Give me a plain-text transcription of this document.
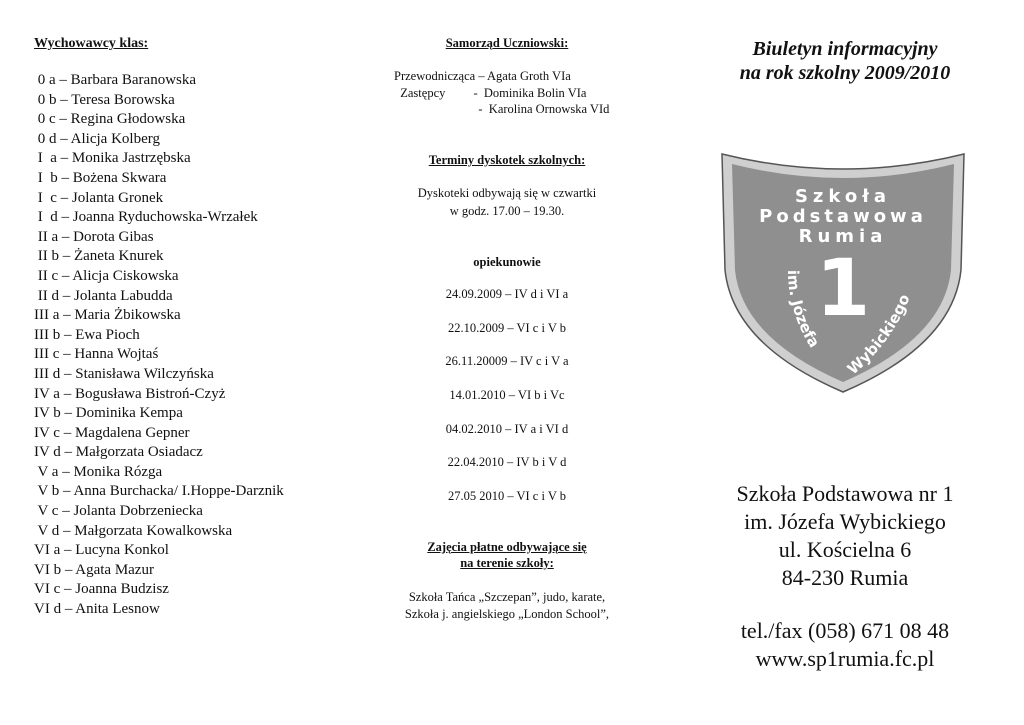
Wychowawcy klas:
0 a – Barbara Baranowska
0 b – Teresa Borowska
0 c – Regina Głodowska
0 d – Alicja Kolberg
I  a – Monika Jastrzębska
I  b – Bożena Skwara
I  c – Jolanta Gronek
I  d – Joanna Ryduchowska-Wrzałek
II a – Dorota Gibas
II b – Żaneta Knurek
II c – Alicja Ciskowska
II d – Jolanta Labudda
III a – Maria Żbikowska
III b – Ewa Pioch
III c – Hanna Wojtaś
III d – Stanisława Wilczyńska
IV a – Bogusława Bistroń-Czyż
IV b – Dominika Kempa
IV c – Magdalena Gepner
IV d – Małgorzata Osiadacz
V a – Monika Rózga
V b – Anna Burchacka/ I.Hoppe-Darznik
V c – Jolanta Dobrzeniecka
V d – Małgorzata Kowalkowska
VI a – Lucyna Konkol
VI b – Agata Mazur
VI c – Joanna Budzisz
VI d – Anita Lesnow
Samorząd Uczniowski:
Przewodnicząca – Agata Groth VIa
Zastępcy         -  Dominika Bolin VIa
-  Karolina Ornowska VId
Terminy dyskotek szkolnych:
Dyskoteki odbywają się w czwartki
w godz. 17.00 – 19.30.
opiekunowie
24.09.2009 – IV d i VI a
22.10.2009 – VI c i V b
26.11.20009 – IV c i V a
14.01.2010 – VI b i Vc
04.02.2010 – IV a i VI d
22.04.2010 – IV b i V d
27.05 2010 – VI c i V b
Zajęcia płatne odbywające się
na terenie szkoły:
Szkoła Tańca „Szczepan”, judo, karate,
Szkoła j. angielskiego „London School”,
Biuletyn informacyjny
na rok szkolny 2009/2010
Szkoła
Podstawowa
Rumia
1
im. Józefa
Wybickiego
Szkoła Podstawowa nr 1
im. Józefa Wybickiego
ul. Kościelna 6
84-230 Rumia
tel./fax (058) 671 08 48
www.sp1rumia.fc.pl
